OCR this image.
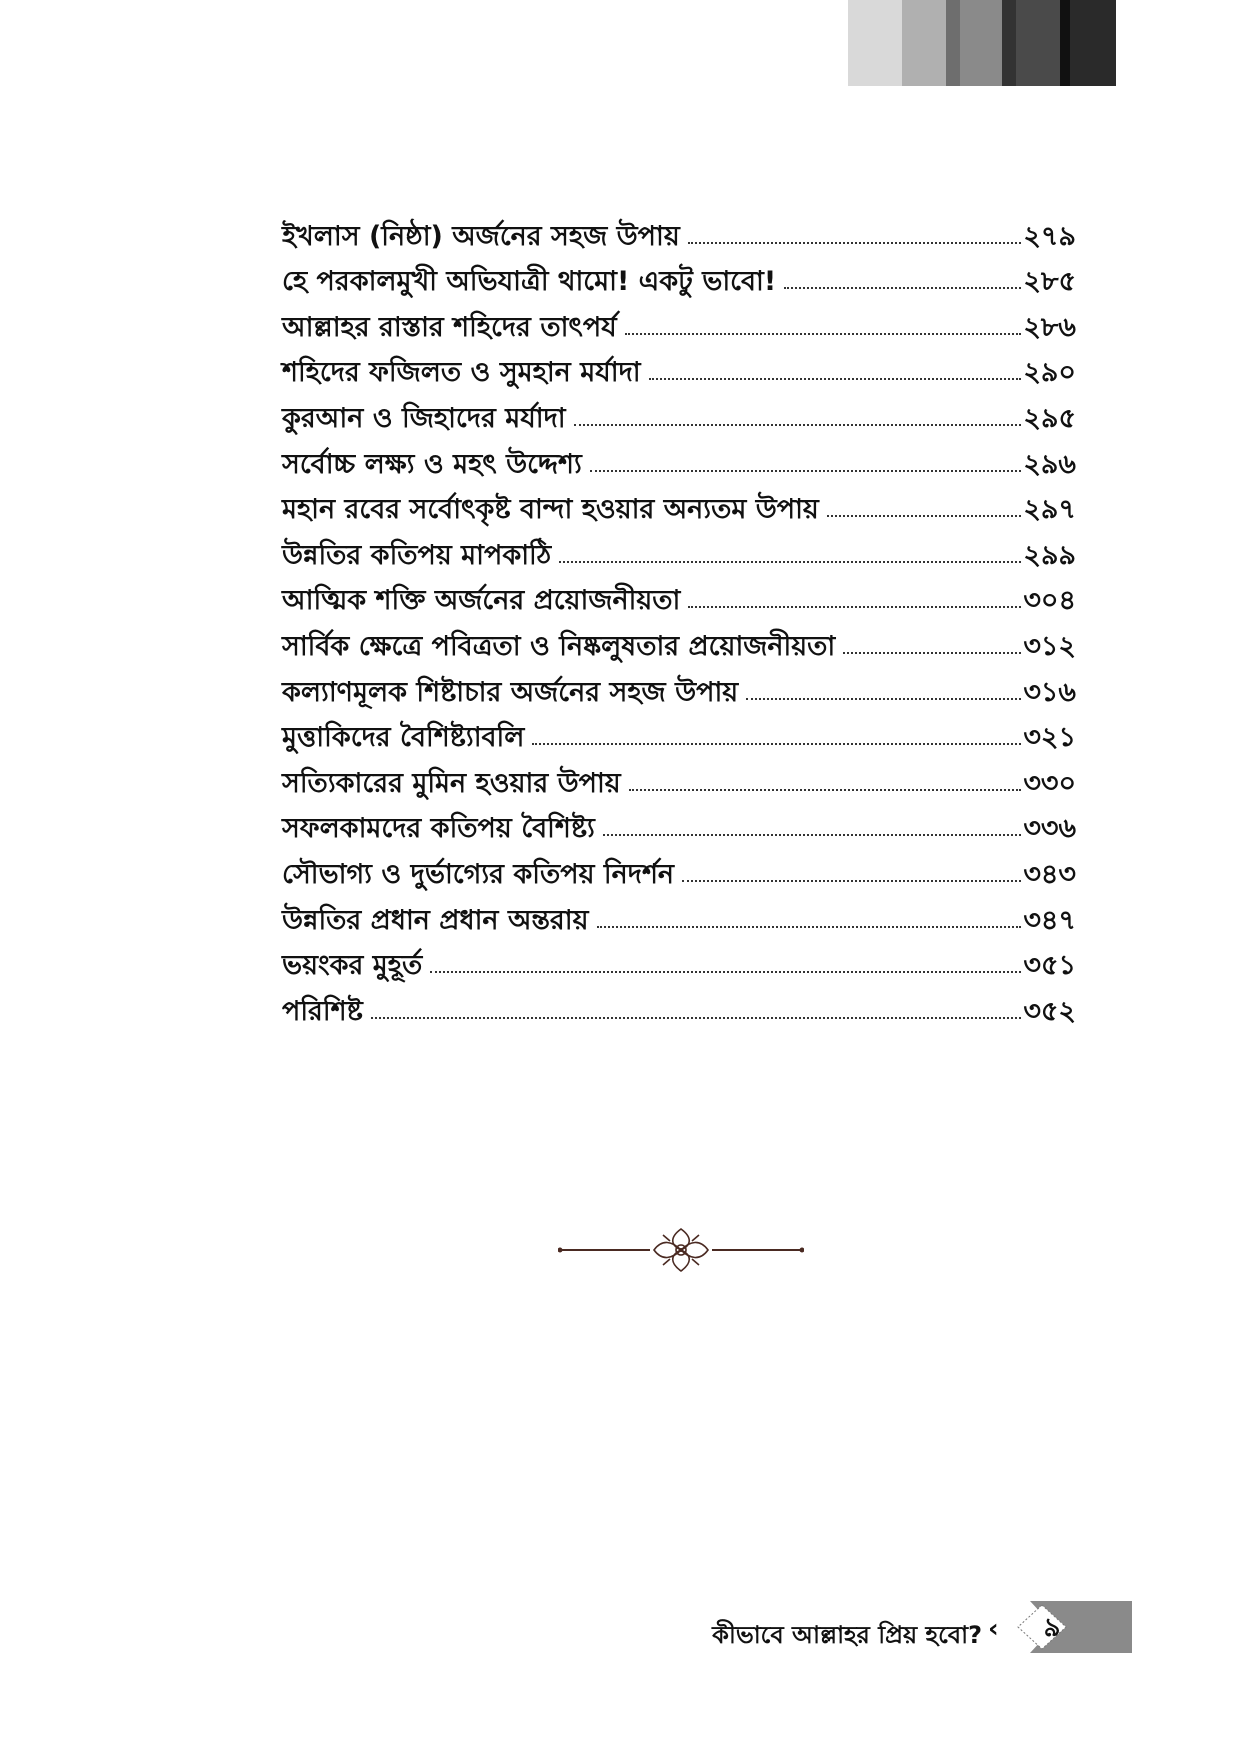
ইখলাস (নিষ্ঠা) অর্জনের সহজ উপায়	২৭৯
হে পরকালমুখী অভিযাত্রী থামো! একটু ভাবো!	২৮৫
আল্লাহর রাস্তার শহিদের তাৎপর্য	২৮৬
শহিদের ফজিলত ও সুমহান মর্যাদা	২৯০
কুরআন ও জিহাদের মর্যাদা	২৯৫
সর্বোচ্চ লক্ষ্য ও মহৎ উদ্দেশ্য	২৯৬
মহান রবের সর্বোৎকৃষ্ট বান্দা হওয়ার অন্যতম উপায়	২৯৭
উন্নতির কতিপয় মাপকাঠি	২৯৯
আত্মিক শক্তি অর্জনের প্রয়োজনীয়তা	৩০৪
সার্বিক ক্ষেত্রে পবিত্রতা ও নিষ্কলুষতার প্রয়োজনীয়তা	৩১২
কল্যাণমূলক শিষ্টাচার অর্জনের সহজ উপায়	৩১৬
মুত্তাকিদের বৈশিষ্ট্যাবলি	৩২১
সত্যিকারের মুমিন হওয়ার উপায়	৩৩০
সফলকামদের কতিপয় বৈশিষ্ট্য	৩৩৬
সৌভাগ্য ও দুর্ভাগ্যের কতিপয় নিদর্শন	৩৪৩
উন্নতির প্রধান প্রধান অন্তরায়	৩৪৭
ভয়ংকর মুহূর্ত	৩৫১
পরিশিষ্ট	৩৫২
কীভাবে আল্লাহর প্রিয় হবো? ‹	৯
